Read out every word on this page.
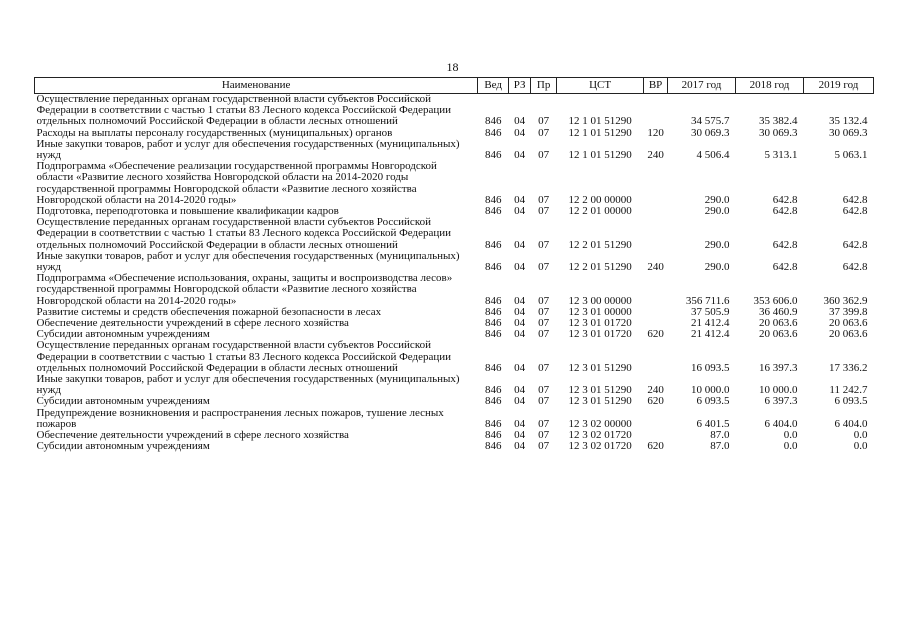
18
Наименование	Вед	РЗ	Пр	ЦСТ	ВР	2017 год	2018 год	2019 год
Осуществление переданных органам государственной власти субъектов Российской Федерации в соответствии с частью 1 статьи 83 Лесного кодекса Российской Федерации отдельных полномочий Российской Федерации в области лесных отношений	846	04	07	12 1 01 51290		34 575.7	35 382.4	35 132.4
Расходы на выплаты персоналу государственных (муниципальных) органов	846	04	07	12 1 01 51290	120	30 069.3	30 069.3	30 069.3
Иные закупки товаров, работ и услуг для обеспечения государственных (муниципальных) нужд	846	04	07	12 1 01 51290	240	4 506.4	5 313.1	5 063.1
Подпрограмма «Обеспечение реализации государственной программы Новгородской области «Развитие лесного хозяйства Новгородской области на 2014-2020 годы государственной программы Новгородской области «Развитие лесного хозяйства Новгородской области на 2014-2020 годы»	846	04	07	12 2 00 00000		290.0	642.8	642.8
Подготовка, переподготовка и повышение квалификации кадров	846	04	07	12 2 01 00000		290.0	642.8	642.8
Осуществление переданных органам государственной власти субъектов Российской Федерации в соответствии с частью 1 статьи 83 Лесного кодекса Российской Федерации отдельных полномочий Российской Федерации в области лесных отношений	846	04	07	12 2 01 51290		290.0	642.8	642.8
Иные закупки товаров, работ и услуг для обеспечения государственных (муниципальных) нужд	846	04	07	12 2 01 51290	240	290.0	642.8	642.8
Подпрограмма «Обеспечение использования, охраны, защиты и воспроизводства лесов» государственной программы Новгородской области «Развитие лесного хозяйства Новгородской области на 2014-2020 годы»	846	04	07	12 3 00 00000		356 711.6	353 606.0	360 362.9
Развитие системы и средств обеспечения пожарной безопасности в лесах	846	04	07	12 3 01 00000		37 505.9	36 460.9	37 399.8
Обеспечение деятельности учреждений в сфере лесного хозяйства	846	04	07	12 3 01 01720		21 412.4	20 063.6	20 063.6
Субсидии автономным учреждениям	846	04	07	12 3 01 01720	620	21 412.4	20 063.6	20 063.6
Осуществление переданных органам государственной власти субъектов Российской Федерации в соответствии с частью 1 статьи 83 Лесного кодекса Российской Федерации отдельных полномочий Российской Федерации в области лесных отношений	846	04	07	12 3 01 51290		16 093.5	16 397.3	17 336.2
Иные закупки товаров, работ и услуг для обеспечения государственных (муниципальных) нужд	846	04	07	12 3 01 51290	240	10 000.0	10 000.0	11 242.7
Субсидии автономным учреждениям	846	04	07	12 3 01 51290	620	6 093.5	6 397.3	6 093.5
Предупреждение возникновения и распространения лесных пожаров, тушение лесных пожаров	846	04	07	12 3 02 00000		6 401.5	6 404.0	6 404.0
Обеспечение деятельности учреждений в сфере лесного хозяйства	846	04	07	12 3 02 01720		87.0	0.0	0.0
Субсидии автономным учреждениям	846	04	07	12 3 02 01720	620	87.0	0.0	0.0
